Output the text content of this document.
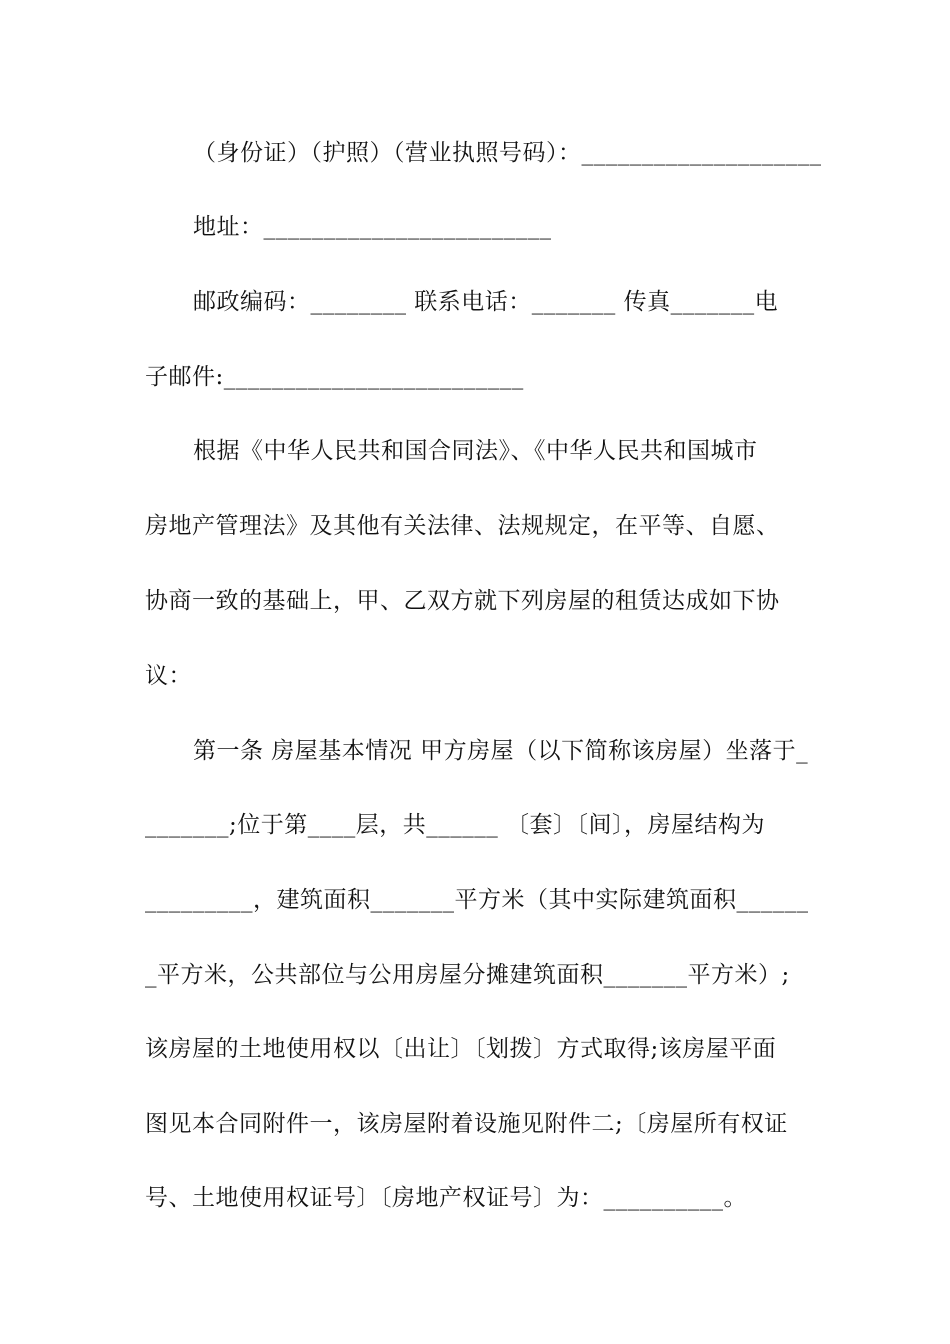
（身份证）（护照）（营业执照号码）：____________________
地址：________________________
邮政编码：________ 联系电话：_______ 传真_______电
子邮件:_________________________
根据《中华人民共和国合同法》、《中华人民共和国城市
房地产管理法》及其他有关法律、法规规定，在平等、自愿、
协商一致的基础上，甲、乙双方就下列房屋的租赁达成如下协
议：
第一条 房屋基本情况 甲方房屋（以下简称该房屋）坐落于_
_______;位于第____层，共______ 〔套〕〔间〕，房屋结构为
_________，建筑面积_______平方米（其中实际建筑面积______
_平方米，公共部位与公用房屋分摊建筑面积_______平方米）;
该房屋的土地使用权以〔出让〕〔划拨〕方式取得;该房屋平面
图见本合同附件一，该房屋附着设施见附件二;〔房屋所有权证
号、土地使用权证号〕〔房地产权证号〕为：__________。
